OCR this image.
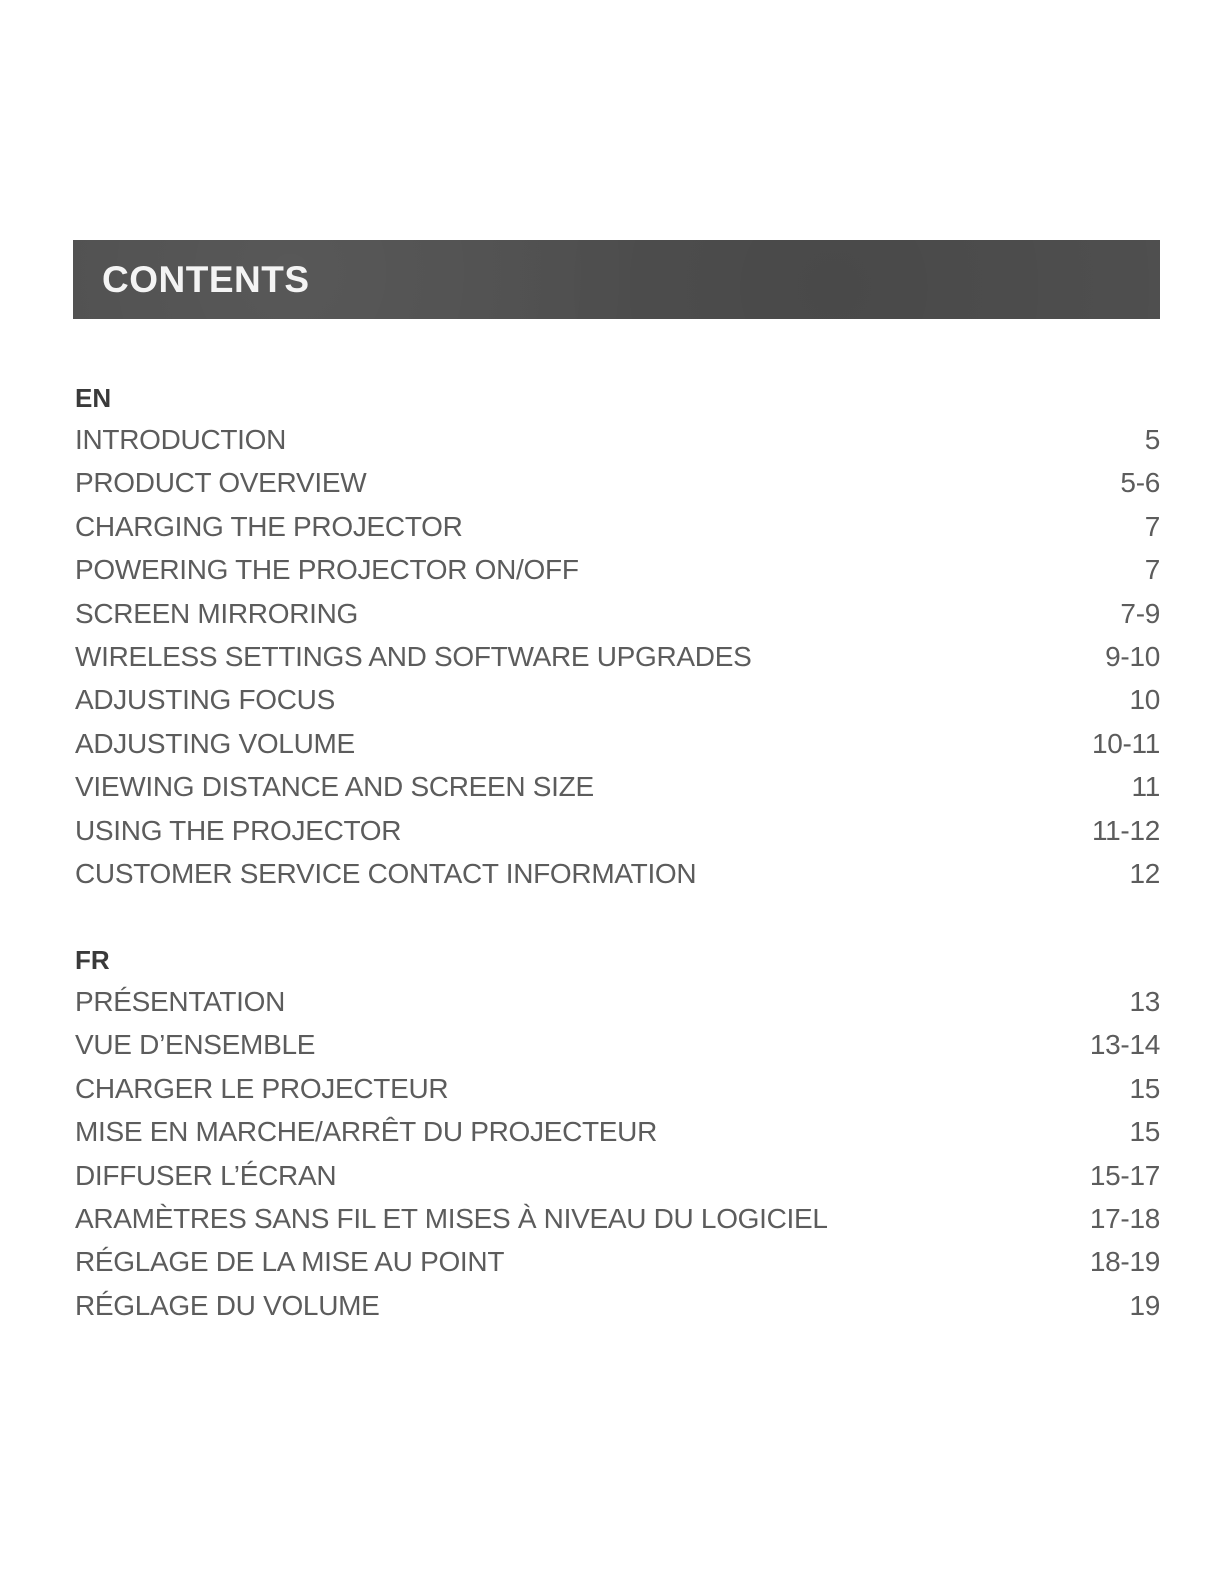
CONTENTS
EN
INTRODUCTION	5
PRODUCT OVERVIEW	5-6
CHARGING THE PROJECTOR	7
POWERING THE PROJECTOR ON/OFF	7
SCREEN MIRRORING	7-9
WIRELESS SETTINGS AND SOFTWARE UPGRADES	9-10
ADJUSTING FOCUS	10
ADJUSTING VOLUME	10-11
VIEWING DISTANCE AND SCREEN SIZE	11
USING THE PROJECTOR	11-12
CUSTOMER SERVICE CONTACT INFORMATION	12
FR
PRÉSENTATION	13
VUE D’ENSEMBLE	13-14
CHARGER LE PROJECTEUR	15
MISE EN MARCHE/ARRÊT DU PROJECTEUR	15
DIFFUSER L’ÉCRAN	15-17
ARAMÈTRES SANS FIL ET MISES À NIVEAU DU LOGICIEL	17-18
RÉGLAGE DE LA MISE AU POINT	18-19
RÉGLAGE DU VOLUME	19
